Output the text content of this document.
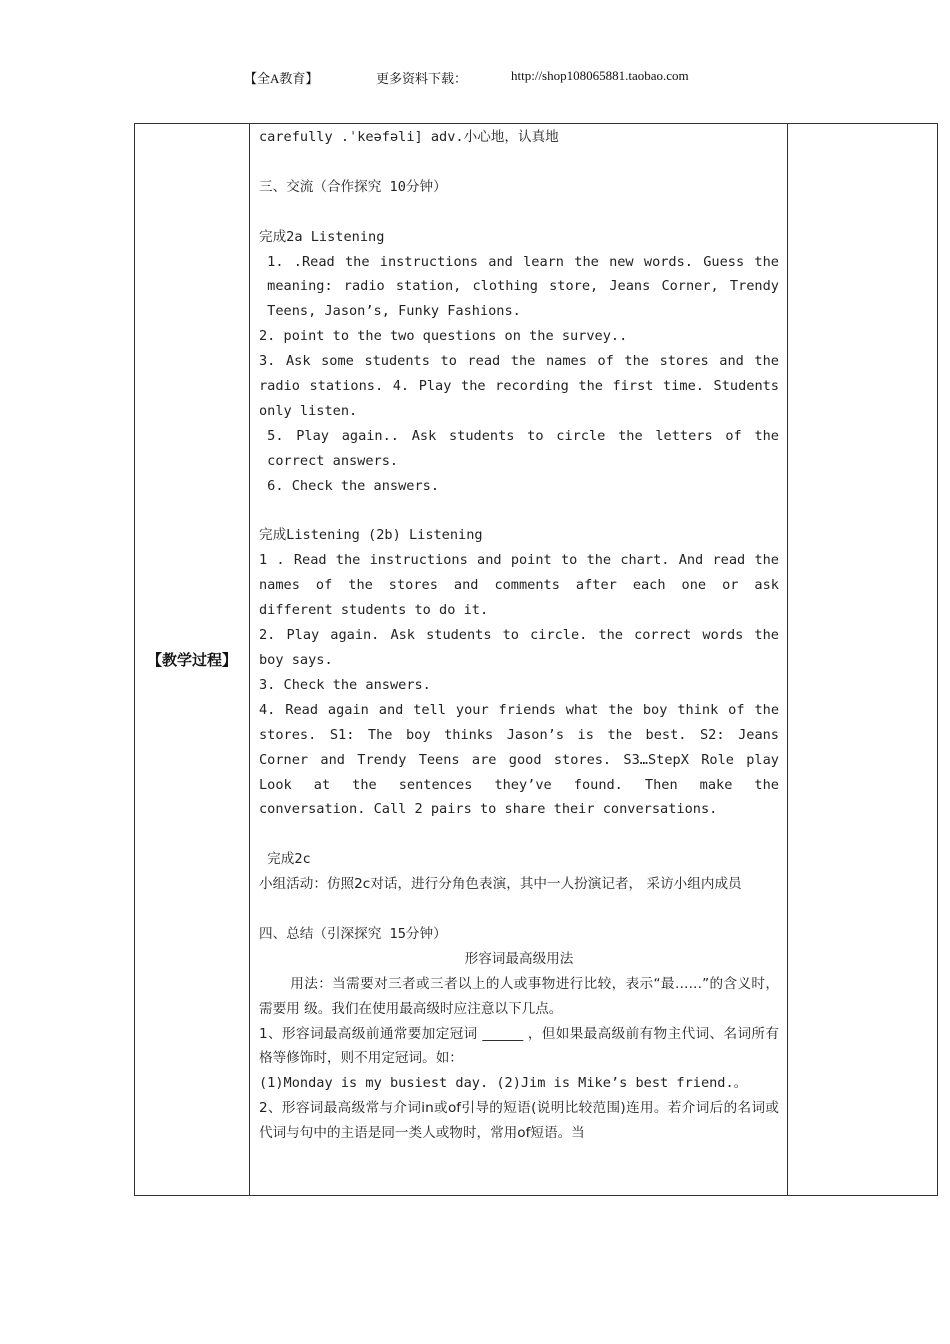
【全A教育】	更多资料下载：	http://shop108065881.taobao.com
【教学过程】	

carefully .ˈkeəfəli] adv.小心地，认真地

三、交流（合作探究 10分钟）

完成2a Listening

1. .Read the instructions and learn the new words. Guess the meaning: radio station, clothing store, Jeans Corner, Trendy Teens, Jason’s, Funky Fashions.

2. point to the two questions on the survey..

3. Ask some students to read the names of the stores and the radio stations. 4. Play the recording the first time. Students only listen.

5. Play again.. Ask students to circle the letters of the correct answers.

6. Check the answers.

完成Listening (2b) Listening

1 . Read the instructions and point to the chart. And read the names of the stores and comments after each one or ask different students to do it.

2. Play again. Ask students to circle. the correct words the boy says.

3. Check the answers.

4. Read again and tell your friends what the boy think of the stores. S1: The boy thinks Jason’s is the best. S2: Jeans Corner and Trendy Teens are good stores. S3…StepX Role play Look at the sentences they’ve found. Then make the conversation. Call 2 pairs to share their conversations.

完成2c

小组活动：仿照2c对话，进行分角色表演，其中一人扮演记者， 采访小组内成员

四、总结（引深探究 15分钟）

形容词最高级用法

用法：当需要对三者或三者以上的人或事物进行比较，表示“最……”的含义时，需要用 级。我们在使用最高级时应注意以下几点。

1、形容词最高级前通常要加定冠词 ______ ，但如果最高级前有物主代词、名词所有格等修饰时，则不用定冠词。如：

(1)Monday is my busiest day. (2)Jim is Mike’s best friend.。

2、形容词最高级常与介词in或of引导的短语(说明比较范围)连用。若介词后的名词或代词与句中的主语是同一类人或物时，常用of短语。当
